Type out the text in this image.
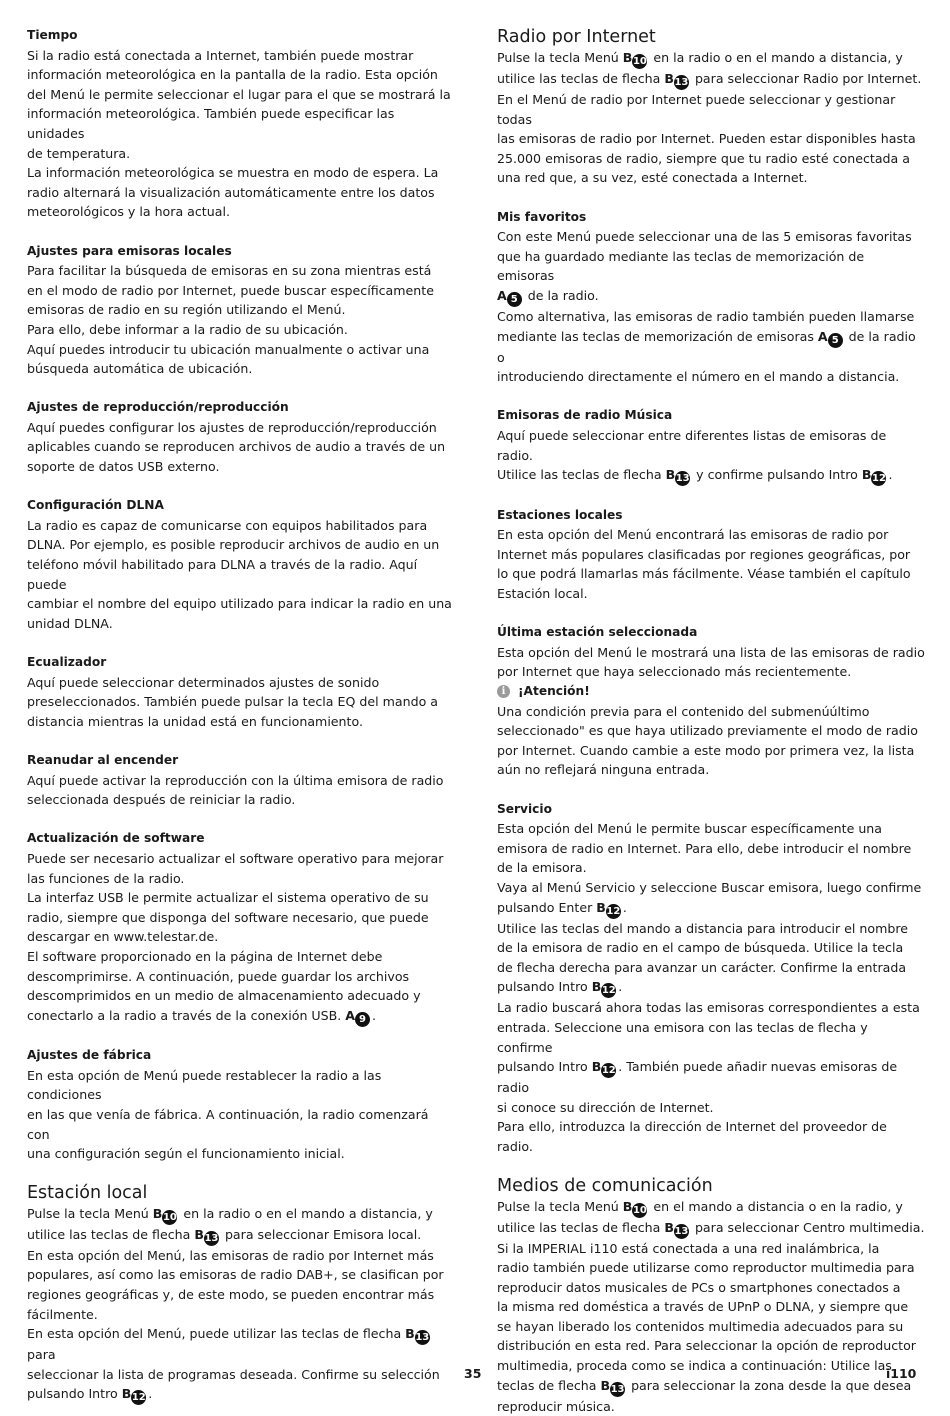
Tiempo

Si la radio está conectada a Internet, también puede mostrar
información meteorológica en la pantalla de la radio. Esta opción
del Menú le permite seleccionar el lugar para el que se mostrará la
información meteorológica. También puede especificar las unidades
de temperatura.
La información meteorológica se muestra en modo de espera. La
radio alternará la visualización automáticamente entre los datos
meteorológicos y la hora actual.

Ajustes para emisoras locales

Para facilitar la búsqueda de emisoras en su zona mientras está
en el modo de radio por Internet, puede buscar específicamente
emisoras de radio en su región utilizando el Menú.
Para ello, debe informar a la radio de su ubicación.
Aquí puedes introducir tu ubicación manualmente o activar una
búsqueda automática de ubicación.

Ajustes de reproducción/reproducción

Aquí puedes configurar los ajustes de reproducción/reproducción
aplicables cuando se reproducen archivos de audio a través de un
soporte de datos USB externo.

Configuración DLNA

La radio es capaz de comunicarse con equipos habilitados para
DLNA. Por ejemplo, es posible reproducir archivos de audio en un
teléfono móvil habilitado para DLNA a través de la radio. Aquí puede
cambiar el nombre del equipo utilizado para indicar la radio en una
unidad DLNA.

Ecualizador

Aquí puede seleccionar determinados ajustes de sonido
preseleccionados. También puede pulsar la tecla EQ del mando a
distancia mientras la unidad está en funcionamiento.

Reanudar al encender

Aquí puede activar la reproducción con la última emisora de radio
seleccionada después de reiniciar la radio.

Actualización de software

Puede ser necesario actualizar el software operativo para mejorar
las funciones de la radio.
La interfaz USB le permite actualizar el sistema operativo de su
radio, siempre que disponga del software necesario, que puede
descargar en www.telestar.de.
El software proporcionado en la página de Internet debe
descomprimirse. A continuación, puede guardar los archivos
descomprimidos en un medio de almacenamiento adecuado y
conectarlo a la radio a través de la conexión USB. A 9 .

Ajustes de fábrica

En esta opción de Menú puede restablecer la radio a las condiciones
en las que venía de fábrica. A continuación, la radio comenzará con
una configuración según el funcionamiento inicial.

Estación local

Pulse la tecla Menú B10 en la radio o en el mando a distancia, y
utilice las teclas de flecha B13 para seleccionar Emisora local.
En esta opción del Menú, las emisoras de radio por Internet más
populares, así como las emisoras de radio DAB+, se clasifican por
regiones geográficas y, de este modo, se pueden encontrar más
fácilmente.
En esta opción del Menú, puede utilizar las teclas de flecha B13 para
seleccionar la lista de programas deseada. Confirme su selección
pulsando Intro B12 .

Radio por Internet

Pulse la tecla Menú B10 en la radio o en el mando a distancia, y
utilice las teclas de flecha B13 para seleccionar Radio por Internet.
En el Menú de radio por Internet puede seleccionar y gestionar todas
las emisoras de radio por Internet. Pueden estar disponibles hasta
25.000 emisoras de radio, siempre que tu radio esté conectada a
una red que, a su vez, esté conectada a Internet.

Mis favoritos

Con este Menú puede seleccionar una de las 5 emisoras favoritas
que ha guardado mediante las teclas de memorización de emisoras
A 5 de la radio.
Como alternativa, las emisoras de radio también pueden llamarse
mediante las teclas de memorización de emisoras A 5 de la radio o
introduciendo directamente el número en el mando a distancia.

Emisoras de radio Música

Aquí puede seleccionar entre diferentes listas de emisoras de radio.
Utilice las teclas de flecha B13 y confirme pulsando Intro B12 .

Estaciones locales

En esta opción del Menú encontrará las emisoras de radio por
Internet más populares clasificadas por regiones geográficas, por
lo que podrá llamarlas más fácilmente. Véase también el capítulo
Estación local.

Última estación seleccionada

Esta opción del Menú le mostrará una lista de las emisoras de radio
por Internet que haya seleccionado más recientemente.

i	¡Atención!

Una condición previa para el contenido del submenúúltimo
seleccionado" es que haya utilizado previamente el modo de radio
por Internet. Cuando cambie a este modo por primera vez, la lista
aún no reflejará ninguna entrada.

Servicio

Esta opción del Menú le permite buscar específicamente una
emisora de radio en Internet. Para ello, debe introducir el nombre
de la emisora.
Vaya al Menú Servicio y seleccione Buscar emisora, luego confirme
pulsando Enter B12 .
Utilice las teclas del mando a distancia para introducir el nombre
de la emisora de radio en el campo de búsqueda. Utilice la tecla
de flecha derecha para avanzar un carácter. Confirme la entrada
pulsando Intro B12 .
La radio buscará ahora todas las emisoras correspondientes a esta
entrada. Seleccione una emisora con las teclas de flecha y confirme
pulsando Intro B12 . También puede añadir nuevas emisoras de radio
si conoce su dirección de Internet.
Para ello, introduzca la dirección de Internet del proveedor de radio.

Medios de comunicación

Pulse la tecla Menú B10 en el mando a distancia o en la radio, y
utilice las teclas de flecha B13 para seleccionar Centro multimedia.
Si la IMPERIAL i110 está conectada a una red inalámbrica, la
radio también puede utilizarse como reproductor multimedia para
reproducir datos musicales de PCs o smartphones conectados a
la misma red doméstica a través de UPnP o DLNA, y siempre que
se hayan liberado los contenidos multimedia adecuados para su
distribución en esta red. Para seleccionar la opción de reproductor
multimedia, proceda como se indica a continuación: Utilice las
teclas de flecha B13 para seleccionar la zona desde la que desea
reproducir música.

35	i110
